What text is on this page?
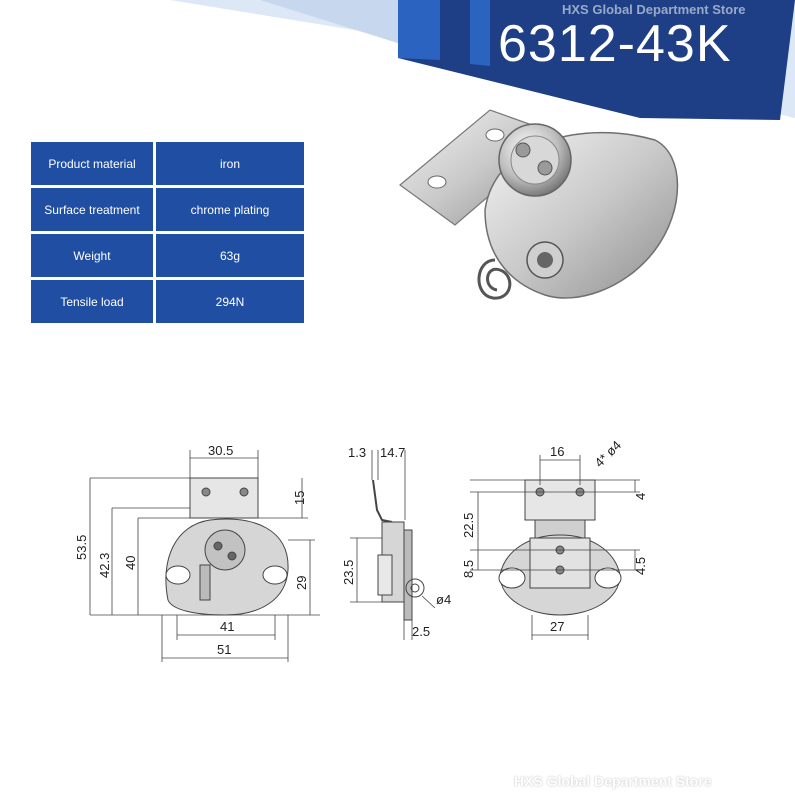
6312-43K
HXS Global Department Store
Product material	iron
Surface treatment	chrome plating
Weight	63g
Tensile load	294N
30.5
15
53.5
42.3 40
29
41
51
1.3 14.7
23.5
ø4
2.5
16 4* ø4
4
22.5
8.5	4.5
27
HXS Global Department Store
